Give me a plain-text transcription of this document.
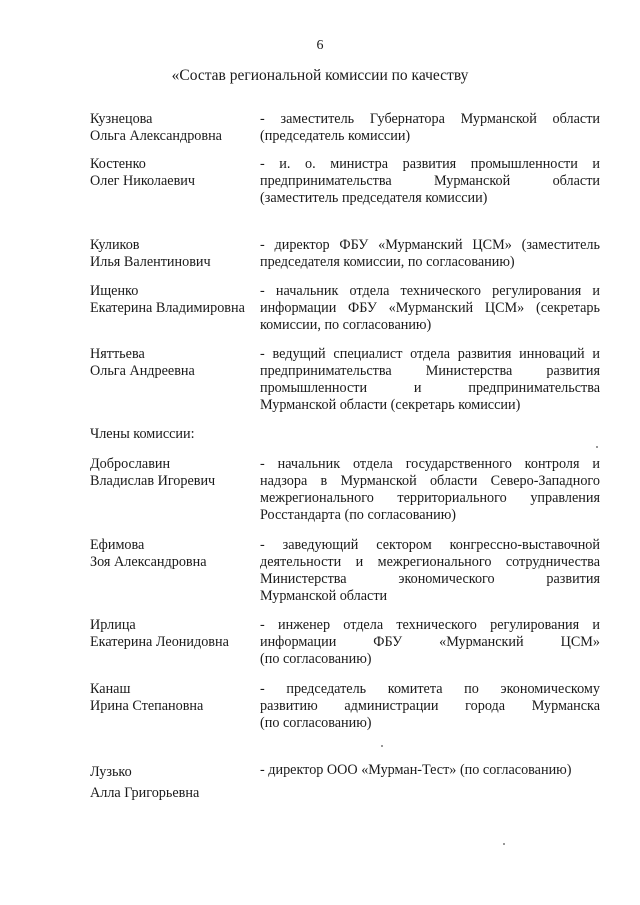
6
«Состав региональной комиссии по качеству
Кузнецова
Ольга Александровна
- заместитель Губернатора Мурманской области
(председатель комиссии)
Костенко
Олег Николаевич
- и. о. министра развития промышленности и
предпринимательства Мурманской области
(заместитель председателя комиссии)
Куликов
Илья Валентинович
- директор ФБУ «Мурманский ЦСМ» (заместитель
председателя комиссии, по согласованию)
Ищенко
Екатерина Владимировна
- начальник отдела технического регулирования и
информации ФБУ «Мурманский ЦСМ» (секретарь
комиссии, по согласованию)
Няттьева
Ольга Андреевна
- ведущий специалист отдела развития инноваций и
предпринимательства Министерства развития
промышленности и предпринимательства
Мурманской области (секретарь комиссии)
Члены комиссии:
Доброславин
Владислав Игоревич
- начальник отдела государственного контроля и
надзора в Мурманской области Северо-Западного
межрегионального территориального управления
Росстандарта (по согласованию)
Ефимова
Зоя Александровна
- заведующий сектором конгрессно-выставочной
деятельности и межрегионального сотрудничества
Министерства экономического развития
Мурманской области
Ирлица
Екатерина Леонидовна
- инженер отдела технического регулирования и
информации ФБУ «Мурманский ЦСМ»
(по согласованию)
Канаш
Ирина Степановна
- председатель комитета по экономическому
развитию администрации города Мурманска
(по согласованию)
Лузько
Алла Григорьевна
- директор ООО «Мурман-Тест» (по согласованию)
